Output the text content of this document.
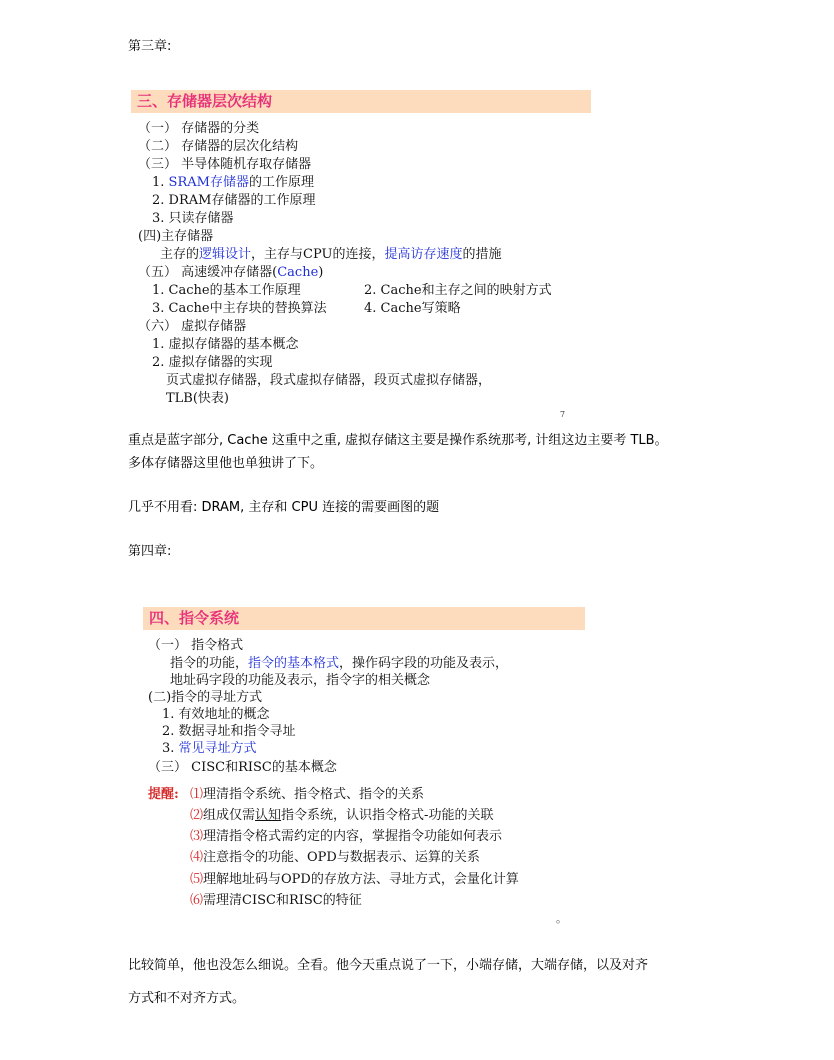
第三章:
三、存储器层次结构
（一） 存储器的分类
（二） 存储器的层次化结构
（三） 半导体随机存取存储器
1. SRAM存储器的工作原理
2. DRAM存储器的工作原理
3. 只读存储器
(四)主存储器
主存的逻辑设计，主存与CPU的连接，提高访存速度的措施
（五） 高速缓冲存储器(Cache)
1. Cache的基本工作原理	2. Cache和主存之间的映射方式
3. Cache中主存块的替换算法	4. Cache写策略
（六） 虚拟存储器
1. 虚拟存储器的基本概念
2. 虚拟存储器的实现
页式虚拟存储器，段式虚拟存储器，段页式虚拟存储器，
TLB(快表)
7
重点是蓝字部分, Cache 这重中之重, 虚拟存储这主要是操作系统那考, 计组这边主要考 TLB。
多体存储器这里他也单独讲了下。
几乎不用看: DRAM, 主存和 CPU 连接的需要画图的题
第四章:
四、指令系统
（一） 指令格式
指令的功能，指令的基本格式，操作码字段的功能及表示，
地址码字段的功能及表示，指令字的相关概念
(二)指令的寻址方式
1. 有效地址的概念
2. 数据寻址和指令寻址
3. 常见寻址方式
（三） CISC和RISC的基本概念
提醒: ⑴理清指令系统、指令格式、指令的关系
⑵组成仅需认知指令系统，认识指令格式-功能的关联
⑶理清指令格式需约定的内容，掌握指令功能如何表示
⑷注意指令的功能、OPD与数据表示、运算的关系
⑸理解地址码与OPD的存放方法、寻址方式，会量化计算
⑹需理清CISC和RISC的特征
。
比较简单，他也没怎么细说。全看。他今天重点说了一下，小端存储，大端存储，以及对齐
方式和不对齐方式。
